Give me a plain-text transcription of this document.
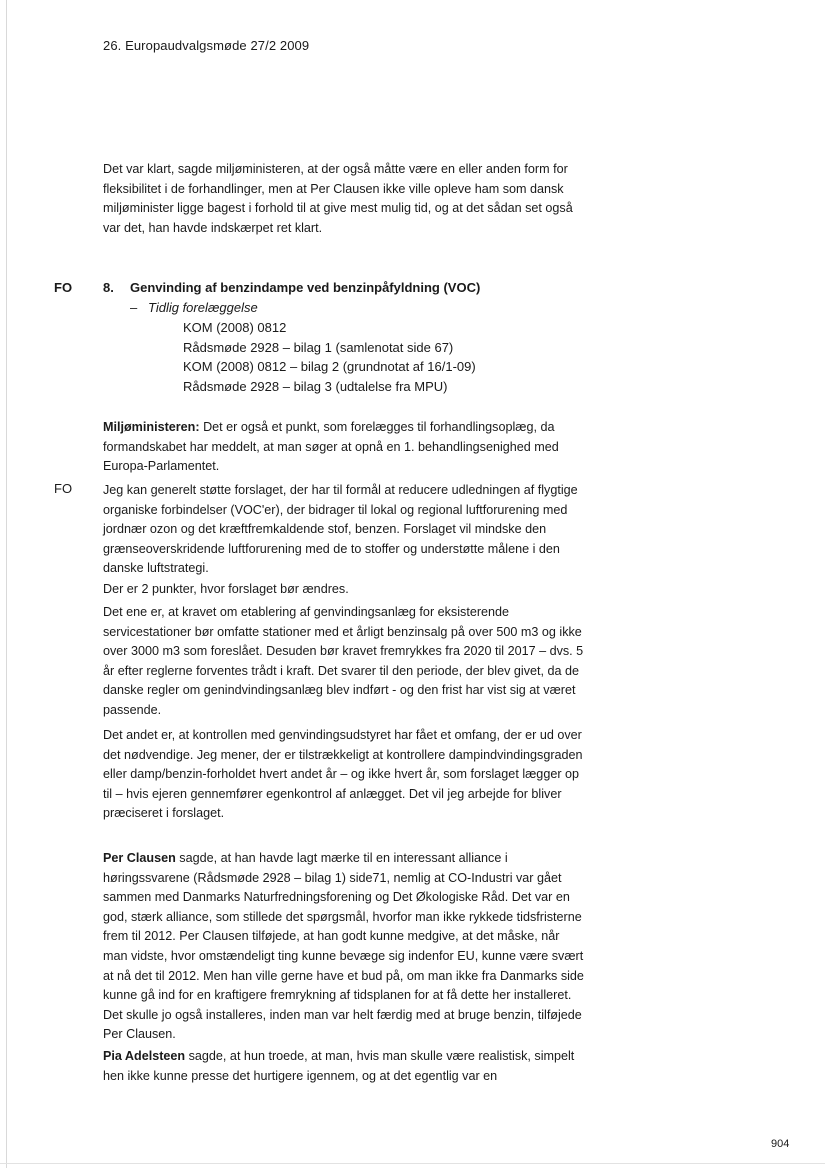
26. Europaudvalgsmøde 27/2 2009

Det var klart, sagde miljøministeren, at der også måtte være en eller anden form for fleksibilitet i de forhandlinger, men at Per Clausen ikke ville opleve ham som dansk miljøminister ligge bagest i forhold til at give mest mulig tid, og at det sådan set også var det, han havde indskærpet ret klart.

FO 8. Genvinding af benzindampe ved benzinpåfyldning (VOC)
– Tidlig forelæggelse
KOM (2008) 0812
Rådsmøde 2928 – bilag 1 (samlenotat side 67)
KOM (2008) 0812 – bilag 2 (grundnotat af 16/1-09)
Rådsmøde 2928 – bilag 3 (udtalelse fra MPU)

Miljøministeren: Det er også et punkt, som forelægges til forhandlingsoplæg, da formandskabet har meddelt, at man søger at opnå en 1. behandlingsenighed med Europa-Parlamentet.

FO Jeg kan generelt støtte forslaget, der har til formål at reducere udledningen af flygtige organiske forbindelser (VOC'er), der bidrager til lokal og regional luftforurening med jordnær ozon og det kræftfremkaldende stof, benzen. Forslaget vil mindske den grænseoverskridende luftforurening med de to stoffer og understøtte målene i den danske luftstrategi.

Der er 2 punkter, hvor forslaget bør ændres.

Det ene er, at kravet om etablering af genvindingsanlæg for eksisterende servicestationer bør omfatte stationer med et årligt benzinsalg på over 500 m3 og ikke over 3000 m3 som foreslået. Desuden bør kravet fremrykkes fra 2020 til 2017 – dvs. 5 år efter reglerne forventes trådt i kraft. Det svarer til den periode, der blev givet, da de danske regler om genindvindingsanlæg blev indført - og den frist har vist sig at været passende.

Det andet er, at kontrollen med genvindingsudstyret har fået et omfang, der er ud over det nødvendige. Jeg mener, der er tilstrækkeligt at kontrollere dampindvindingsgraden eller damp/benzin-forholdet hvert andet år – og ikke hvert år, som forslaget lægger op til – hvis ejeren gennemfører egenkontrol af anlægget. Det vil jeg arbejde for bliver præciseret i forslaget.

Per Clausen sagde, at han havde lagt mærke til en interessant alliance i høringssvarene (Rådsmøde 2928 – bilag 1) side71, nemlig at CO-Industri var gået sammen med Danmarks Naturfredningsforening og Det Økologiske Råd. Det var en god, stærk alliance, som stillede det spørgsmål, hvorfor man ikke rykkede tidsfristerne frem til 2012. Per Clausen tilføjede, at han godt kunne medgive, at det måske, når man vidste, hvor omstændeligt ting kunne bevæge sig indenfor EU, kunne være svært at nå det til 2012. Men han ville gerne have et bud på, om man ikke fra Danmarks side kunne gå ind for en kraftigere fremrykning af tidsplanen for at få dette her installeret. Det skulle jo også installeres, inden man var helt færdig med at bruge benzin, tilføjede Per Clausen.

Pia Adelsteen sagde, at hun troede, at man, hvis man skulle være realistisk, simpelt hen ikke kunne presse det hurtigere igennem, og at det egentlig var en

904
